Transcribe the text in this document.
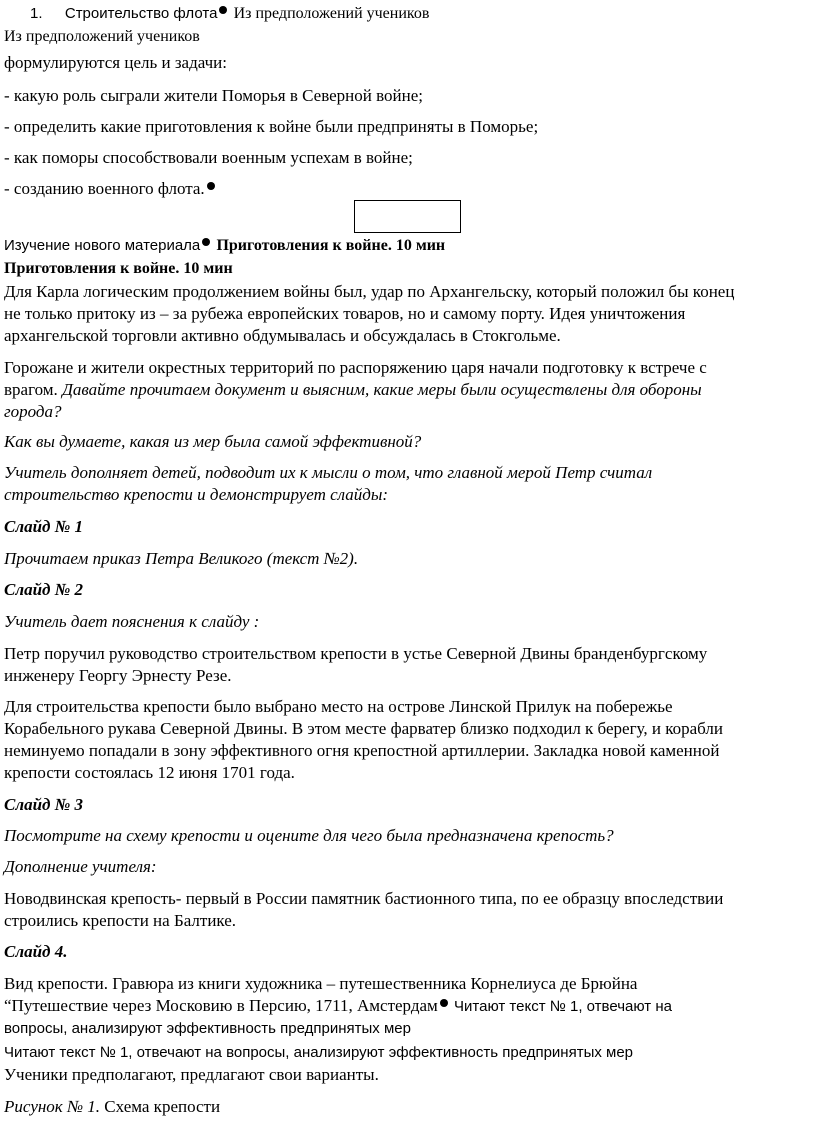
1. Строительство флота Из предположений учеников
Из предположений учеников
формулируются цель и задачи:
- какую роль сыграли жители Поморья в Северной войне;
- определить какие приготовления к войне были предприняты в Поморье;
- как поморы способствовали военным успехам в войне;
- созданию военного флота.
Изучение нового материала Приготовления к войне. 10 мин
Приготовления к войне. 10 мин
Для Карла логическим продолжением войны был, удар по Архангельску, который положил бы конец
не только притоку из – за рубежа европейских товаров, но и самому порту. Идея уничтожения
архангельской торговли активно обдумывалась и обсуждалась в Стокгольме.
Горожане и жители окрестных территорий по распоряжению царя начали подготовку к встрече с
врагом. Давайте прочитаем документ и выясним, какие меры были осуществлены для обороны
города?
Как вы думаете, какая из мер была самой эффективной?
Учитель дополняет детей, подводит их к мысли о том, что главной мерой Петр считал
строительство крепости и демонстрирует слайды:
Слайд № 1
Прочитаем приказ Петра Великого (текст №2).
Слайд № 2
Учитель дает пояснения к слайду :
Петр поручил руководство строительством крепости в устье Северной Двины бранденбургскому
инженеру Георгу Эрнесту Резе.
Для строительства крепости было выбрано место на острове Линской Прилук на побережье
Корабельного рукава Северной Двины. В этом месте фарватер близко подходил к берегу, и корабли
неминуемо попадали в зону эффективного огня крепостной артиллерии. Закладка новой каменной
крепости состоялась 12 июня 1701 года.
Слайд № 3
Посмотрите на схему крепости и оцените для чего была предназначена крепость?
Дополнение учителя:
Новодвинская крепость- первый в России памятник бастионного типа, по ее образцу впоследствии
строились крепости на Балтике.
Слайд 4.
Вид крепости. Гравюра из книги художника – путешественника Корнелиуса де Брюйна
“Путешествие через Московию в Персию, 1711, Амстердам Читают текст № 1, отвечают на
вопросы, анализируют эффективность предпринятых мер
Читают текст № 1, отвечают на вопросы, анализируют эффективность предпринятых мер
Ученики предполагают, предлагают свои варианты.
Рисунок № 1. Схема крепости
